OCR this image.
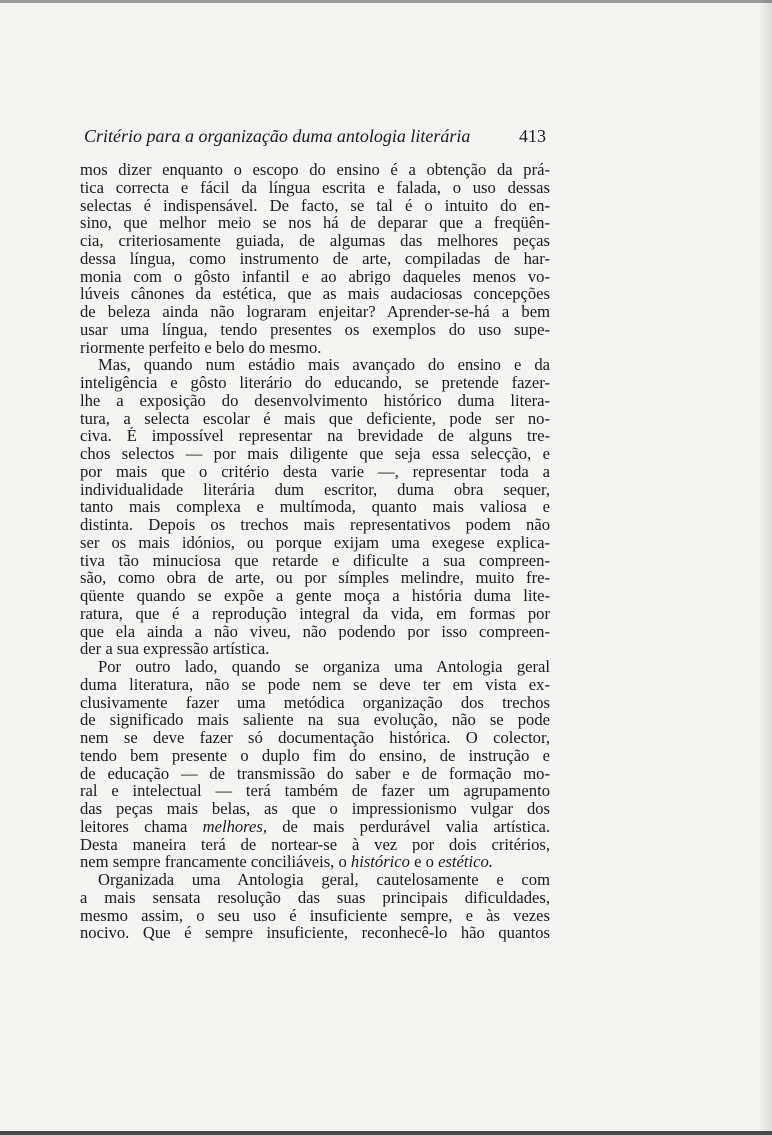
Critério para a organização duma antologia literária	413
mos dizer enquanto o escopo do ensino é a obtenção da prá-
tica correcta e fácil da língua escrita e falada, o uso dessas
selectas é indispensável. De facto, se tal é o intuito do en-
sino, que melhor meio se nos há de deparar que a freqüên-
cia, criteriosamente guiada, de algumas das melhores peças
dessa língua, como instrumento de arte, compiladas de har-
monia com o gôsto infantil e ao abrigo daqueles menos vo-
lúveis cânones da estética, que as mais audaciosas concepções
de beleza ainda não lograram enjeitar? Aprender-se-há a bem
usar uma língua, tendo presentes os exemplos do uso supe-
riormente perfeito e belo do mesmo.
Mas, quando num estádio mais avançado do ensino e da
inteligência e gôsto literário do educando, se pretende fazer-
lhe a exposição do desenvolvimento histórico duma litera-
tura, a selecta escolar é mais que deficiente, pode ser no-
civa. É impossível representar na brevidade de alguns tre-
chos selectos — por mais diligente que seja essa selecção, e
por mais que o critério desta varie —, representar toda a
individualidade literária dum escritor, duma obra sequer,
tanto mais complexa e multímoda, quanto mais valiosa e
distinta. Depois os trechos mais representativos podem não
ser os mais idónios, ou porque exijam uma exegese explica-
tiva tão minuciosa que retarde e dificulte a sua compreen-
são, como obra de arte, ou por símples melindre, muito fre-
qüente quando se expõe a gente moça a história duma lite-
ratura, que é a reprodução integral da vida, em formas por
que ela ainda a não viveu, não podendo por isso compreen-
der a sua expressão artística.
Por outro lado, quando se organiza uma Antologia geral
duma literatura, não se pode nem se deve ter em vista ex-
clusivamente fazer uma metódica organização dos trechos
de significado mais saliente na sua evolução, não se pode
nem se deve fazer só documentação histórica. O colector,
tendo bem presente o duplo fim do ensino, de instrução e
de educação — de transmissão do saber e de formação mo-
ral e intelectual — terá também de fazer um agrupamento
das peças mais belas, as que o impressionismo vulgar dos
leitores chama melhores, de mais perdurável valia artística.
Desta maneira terá de nortear-se à vez por dois critérios,
nem sempre francamente conciliáveis, o histórico e o estético.
Organizada uma Antologia geral, cautelosamente e com
a mais sensata resolução das suas principais dificuldades,
mesmo assim, o seu uso é insuficiente sempre, e às vezes
nocivo. Que é sempre insuficiente, reconhecê-lo hão quantos
